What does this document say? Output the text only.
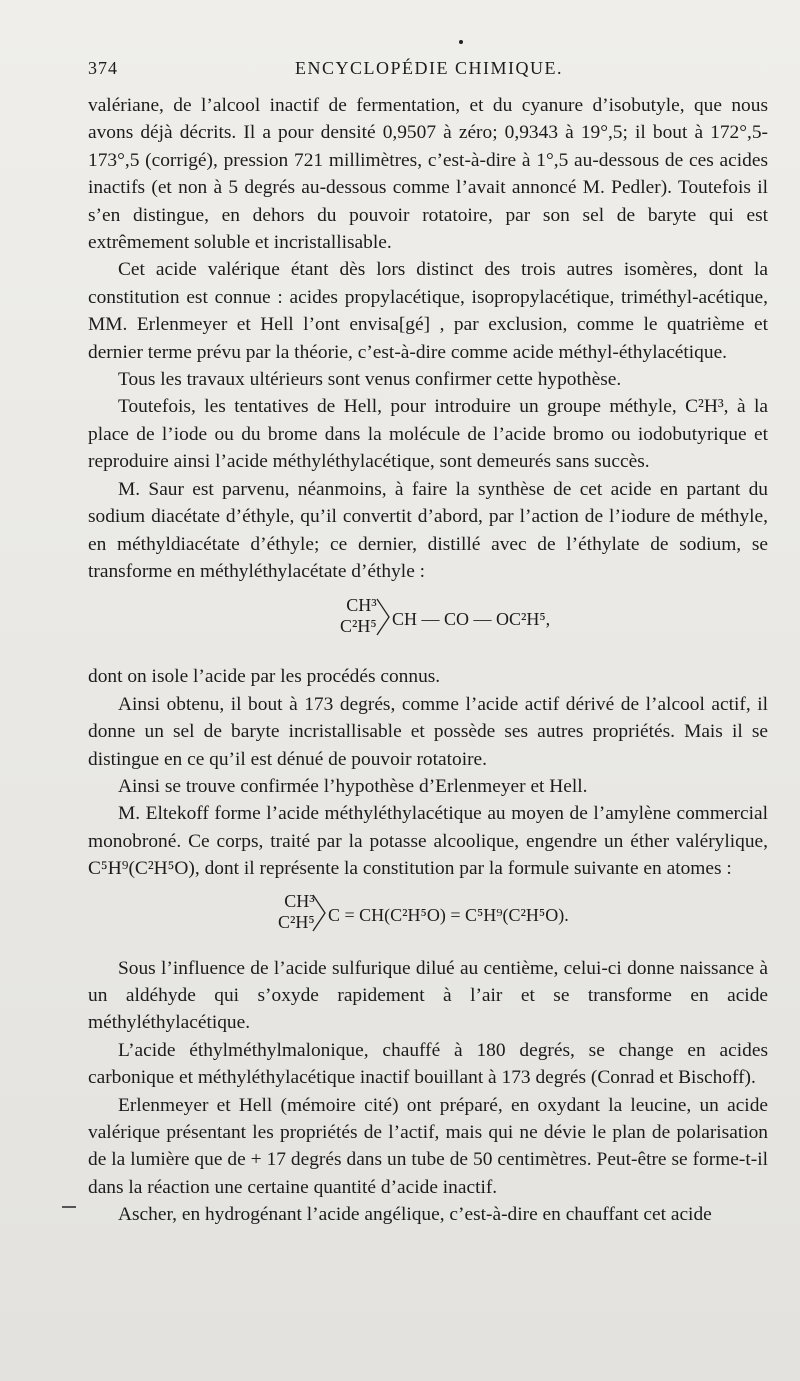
374	ENCYCLOPÉDIE CHIMIQUE.

valériane, de l’alcool inactif de fermentation, et du cyanure d’isobutyle, que nous avons déjà décrits. Il a pour densité 0,9507 à zéro; 0,9343 à 19°,5; il bout à 172°,5-173°,5 (corrigé), pression 721 millimètres, c’est-à-dire à 1°,5 au-dessous de ces acides inactifs (et non à 5 degrés au-dessous comme l’avait annoncé M. Pedler). Toutefois il s’en distingue, en dehors du pouvoir rotatoire, par son sel de baryte qui est extrêmement soluble et incristallisable.

Cet acide valérique étant dès lors distinct des trois autres isomères, dont la constitution est connue : acides propylacétique, isopropylacétique, triméthyl-acétique, MM. Erlenmeyer et Hell l’ont envisa[gé] , par exclusion, comme le quatrième et dernier terme prévu par la théorie, c’est-à-dire comme acide méthyl-éthylacétique.

Tous les travaux ultérieurs sont venus confirmer cette hypothèse.

Toutefois, les tentatives de Hell, pour introduire un groupe méthyle, C²H³, à la place de l’iode ou du brome dans la molécule de l’acide bromo ou iodobutyrique et reproduire ainsi l’acide méthyléthylacétique, sont demeurés sans succès.

M. Saur est parvenu, néanmoins, à faire la synthèse de cet acide en partant du sodium diacétate d’éthyle, qu’il convertit d’abord, par l’action de l’iodure de méthyle, en méthyldiacétate d’éthyle; ce dernier, distillé avec de l’éthylate de sodium, se transforme en méthyléthylacétate d’éthyle :

CH³
C²H⁵ CH — CO — OC²H⁵,

dont on isole l’acide par les procédés connus.

Ainsi obtenu, il bout à 173 degrés, comme l’acide actif dérivé de l’alcool actif, il donne un sel de baryte incristallisable et possède ses autres propriétés. Mais il se distingue en ce qu’il est dénué de pouvoir rotatoire.

Ainsi se trouve confirmée l’hypothèse d’Erlenmeyer et Hell.

M. Eltekoff forme l’acide méthyléthylacétique au moyen de l’amylène commercial monobroné. Ce corps, traité par la potasse alcoolique, engendre un éther valérylique, C⁵H⁹(C²H⁵O), dont il représente la constitution par la formule suivante en atomes :

CH³
C²H⁵ C = CH(C²H⁵O) = C⁵H⁹(C²H⁵O).

Sous l’influence de l’acide sulfurique dilué au centième, celui-ci donne naissance à un aldéhyde qui s’oxyde rapidement à l’air et se transforme en acide méthyléthylacétique.

L’acide éthylméthylmalonique, chauffé à 180 degrés, se change en acides carbonique et méthyléthylacétique inactif bouillant à 173 degrés (Conrad et Bischoff).

Erlenmeyer et Hell (mémoire cité) ont préparé, en oxydant la leucine, un acide valérique présentant les propriétés de l’actif, mais qui ne dévie le plan de polarisation de la lumière que de + 17 degrés dans un tube de 50 centimètres. Peut-être se forme-t-il dans la réaction une certaine quantité d’acide inactif.

Ascher, en hydrogénant l’acide angélique, c’est-à-dire en chauffant cet acide
